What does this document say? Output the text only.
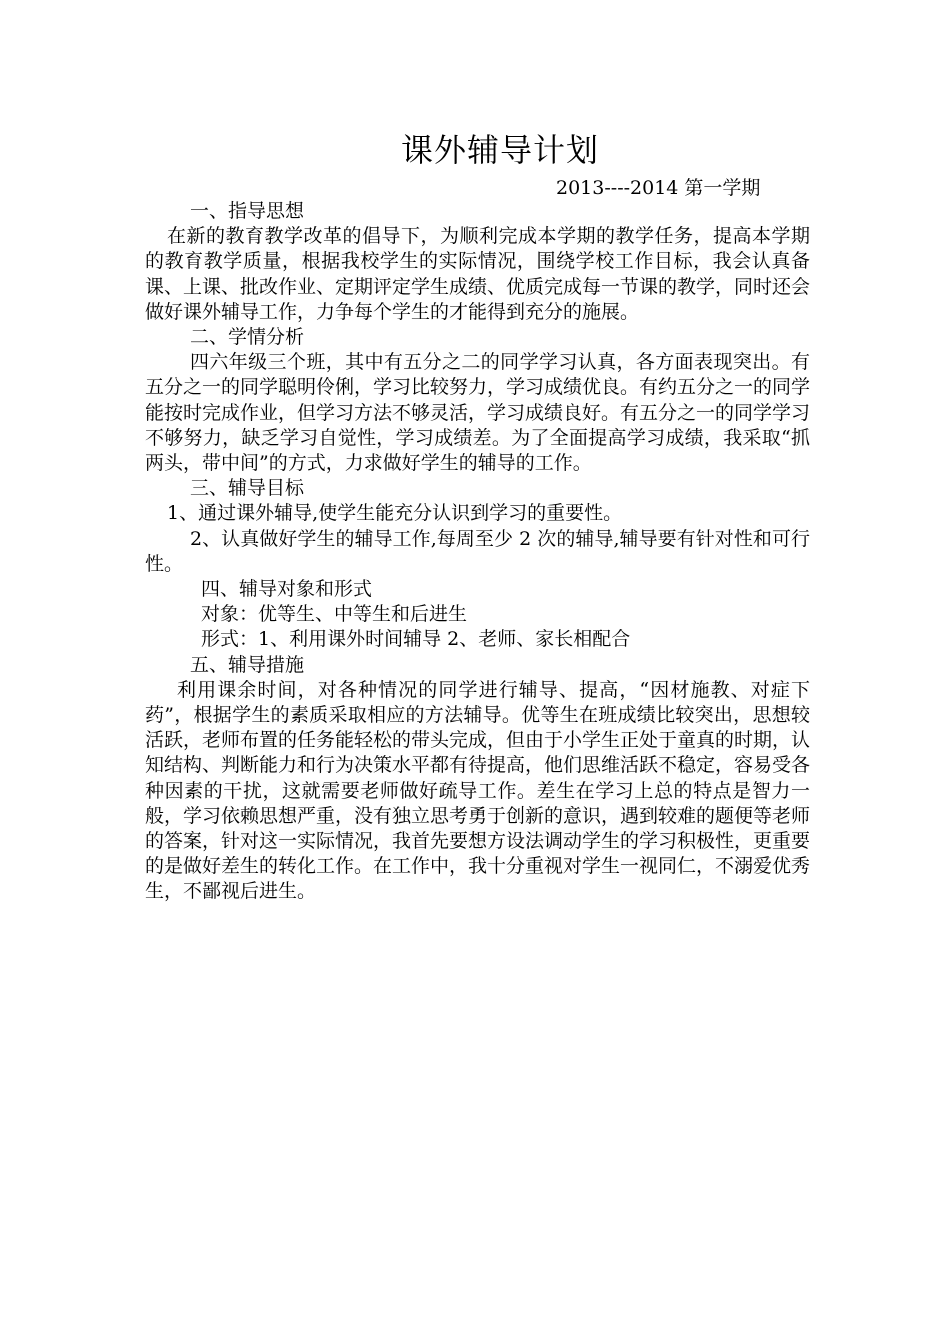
课外辅导计划
2013----2014 第一学期

一、指导思想

在新的教育教学改革的倡导下，为顺利完成本学期的教学任务，提高本学期的教育教学质量，根据我校学生的实际情况，围绕学校工作目标，我会认真备课、上课、批改作业、定期评定学生成绩、优质完成每一节课的教学，同时还会做好课外辅导工作，力争每个学生的才能得到充分的施展。

二、学情分析

四六年级三个班，其中有五分之二的同学学习认真，各方面表现突出。有五分之一的同学聪明伶俐，学习比较努力，学习成绩优良。有约五分之一的同学能按时完成作业，但学习方法不够灵活，学习成绩良好。有五分之一的同学学习不够努力，缺乏学习自觉性，学习成绩差。为了全面提高学习成绩，我采取“抓两头，带中间”的方式，力求做好学生的辅导的工作。

三、辅导目标

1、通过课外辅导,使学生能充分认识到学习的重要性。

2、认真做好学生的辅导工作,每周至少 2 次的辅导,辅导要有针对性和可行性。

四、辅导对象和形式

对象：优等生、中等生和后进生

形式：1、利用课外时间辅导 2、老师、家长相配合

五、辅导措施

利用课余时间，对各种情况的同学进行辅导、提高，“因材施教、对症下药”，根据学生的素质采取相应的方法辅导。优等生在班成绩比较突出，思想较活跃，老师布置的任务能轻松的带头完成，但由于小学生正处于童真的时期，认知结构、判断能力和行为决策水平都有待提高，他们思维活跃不稳定，容易受各种因素的干扰，这就需要老师做好疏导工作。差生在学习上总的特点是智力一般，学习依赖思想严重，没有独立思考勇于创新的意识，遇到较难的题便等老师的答案，针对这一实际情况，我首先要想方设法调动学生的学习积极性，更重要的是做好差生的转化工作。在工作中，我十分重视对学生一视同仁，不溺爱优秀生，不鄙视后进生。
